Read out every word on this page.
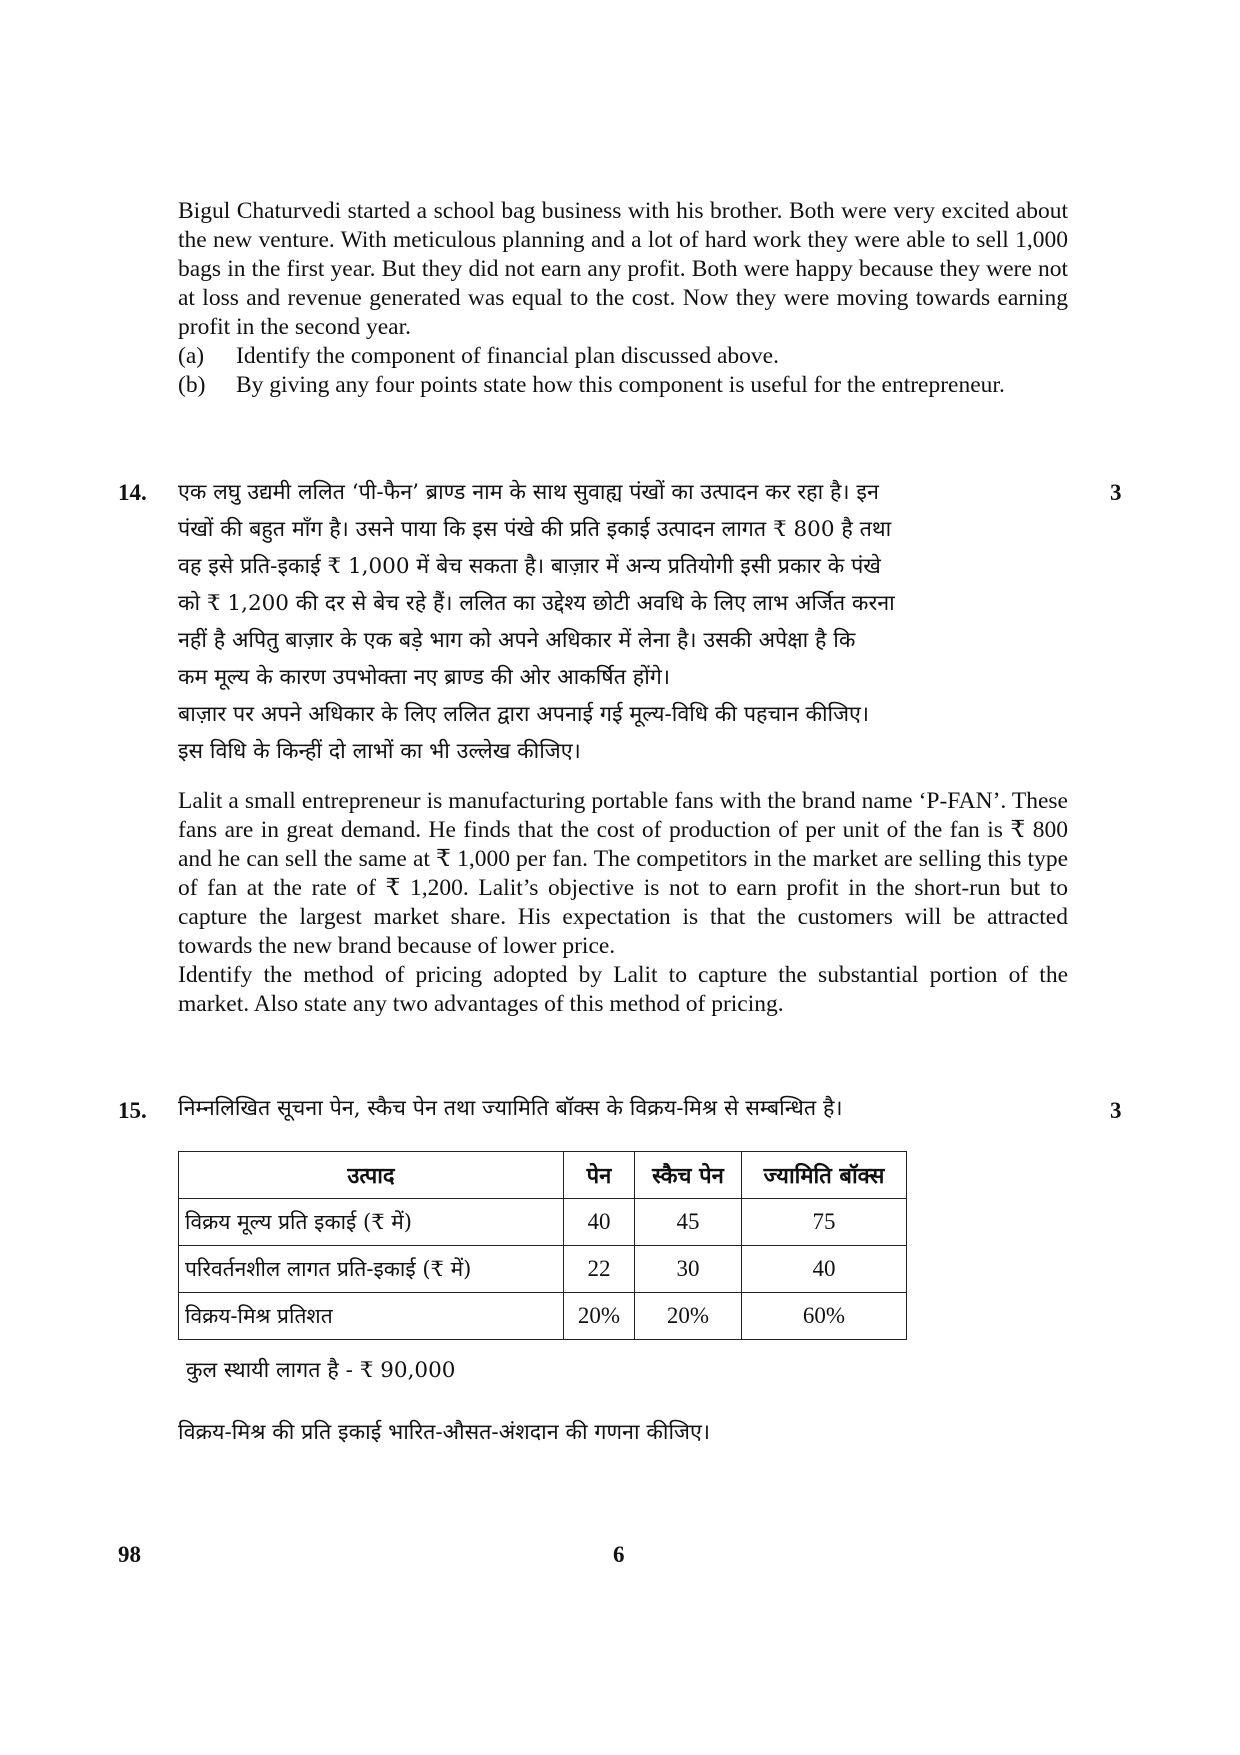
Bigul Chaturvedi started a school bag business with his brother. Both were very excited about the new venture. With meticulous planning and a lot of hard work they were able to sell 1,000 bags in the first year. But they did not earn any profit. Both were happy because they were not at loss and revenue generated was equal to the cost. Now they were moving towards earning profit in the second year.
(a)	Identify the component of financial plan discussed above.
(b)	By giving any four points state how this component is useful for the entrepreneur.
14.	3
एक लघु उद्यमी ललित ‘पी-फैन’ ब्राण्ड नाम के साथ सुवाह्य पंखों का उत्पादन कर रहा है। इन
पंखों की बहुत माँग है। उसने पाया कि इस पंखे की प्रति इकाई उत्पादन लागत ₹ 800 है तथा
वह इसे प्रति-इकाई ₹ 1,000 में बेच सकता है। बाज़ार में अन्य प्रतियोगी इसी प्रकार के पंखे
को ₹ 1,200 की दर से बेच रहे हैं। ललित का उद्देश्य छोटी अवधि के लिए लाभ अर्जित करना
नहीं है अपितु बाज़ार के एक बड़े भाग को अपने अधिकार में लेना है। उसकी अपेक्षा है कि
कम मूल्य के कारण उपभोक्ता नए ब्राण्ड की ओर आकर्षित होंगे।
बाज़ार पर अपने अधिकार के लिए ललित द्वारा अपनाई गई मूल्य-विधि की पहचान कीजिए।
इस विधि के किन्हीं दो लाभों का भी उल्लेख कीजिए।
Lalit a small entrepreneur is manufacturing portable fans with the brand name ‘P-FAN’. These fans are in great demand. He finds that the cost of production of per unit of the fan is ₹ 800 and he can sell the same at ₹ 1,000 per fan. The competitors in the market are selling this type of fan at the rate of ₹ 1,200. Lalit’s objective is not to earn profit in the short-run but to capture the largest market share. His expectation is that the customers will be attracted towards the new brand because of lower price.
Identify the method of pricing adopted by Lalit to capture the substantial portion of the market. Also state any two advantages of this method of pricing.
15.	3
निम्नलिखित सूचना पेन, स्कैच पेन तथा ज्यामिति बॉक्स के विक्रय-मिश्र से सम्बन्धित है।
उत्पाद	पेन	स्कैच पेन	ज्यामिति बॉक्स
विक्रय मूल्य प्रति इकाई (₹ में)	40	45	75
परिवर्तनशील लागत प्रति-इकाई (₹ में)	22	30	40
विक्रय-मिश्र प्रतिशत	20%	20%	60%
कुल स्थायी लागत है - ₹ 90,000
विक्रय-मिश्र की प्रति इकाई भारित-औसत-अंशदान की गणना कीजिए।
98	6
